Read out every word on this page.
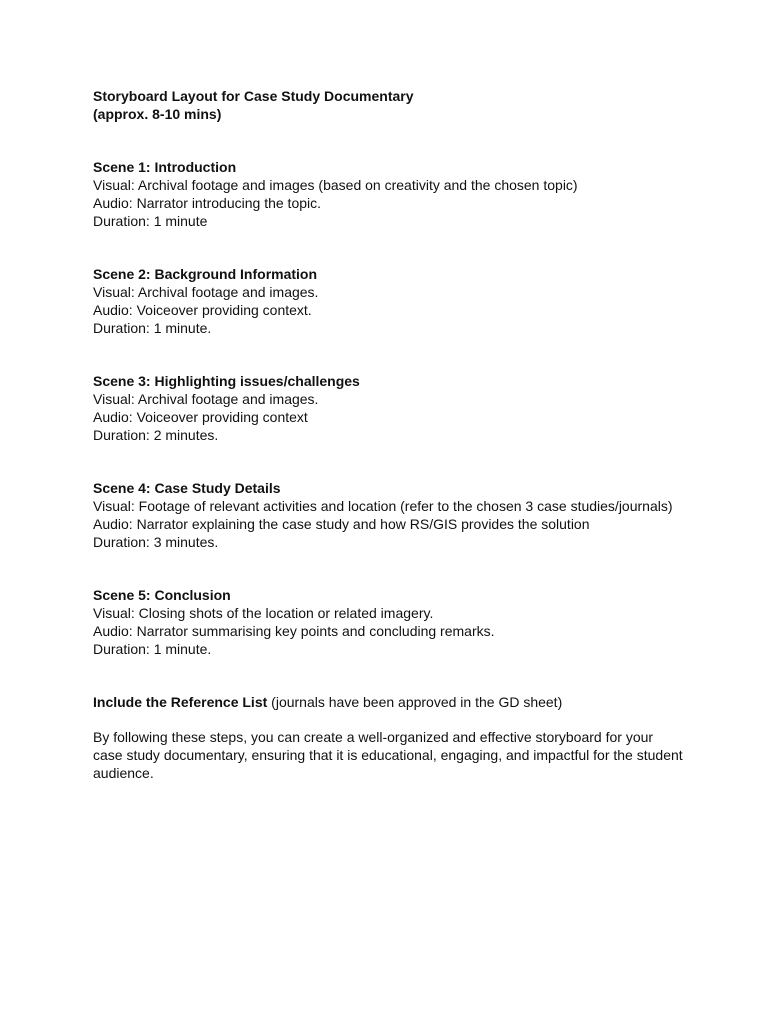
Storyboard Layout for Case Study Documentary
(approx. 8-10 mins)
Scene 1: Introduction
Visual: Archival footage and images (based on creativity and the chosen topic)
Audio: Narrator introducing the topic.
Duration: 1 minute
Scene 2: Background Information
Visual: Archival footage and images.
Audio: Voiceover providing context.
Duration: 1 minute.
Scene 3: Highlighting issues/challenges
Visual: Archival footage and images.
Audio: Voiceover providing context
Duration: 2 minutes.
Scene 4: Case Study Details
Visual: Footage of relevant activities and location (refer to the chosen 3 case studies/journals)
Audio: Narrator explaining the case study and how RS/GIS provides the solution
Duration: 3 minutes.
Scene 5: Conclusion
Visual: Closing shots of the location or related imagery.
Audio: Narrator summarising key points and concluding remarks.
Duration: 1 minute.
Include the Reference List (journals have been approved in the GD sheet)

By following these steps, you can create a well-organized and effective storyboard for your case study documentary, ensuring that it is educational, engaging, and impactful for the student audience.
